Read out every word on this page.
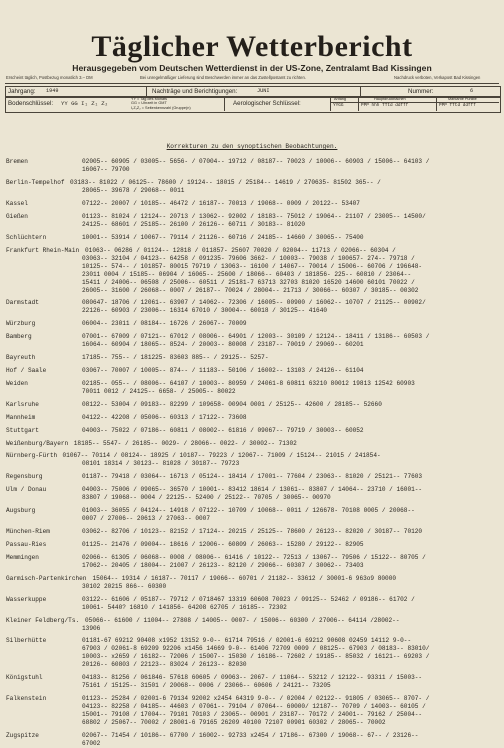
Täglicher Wetterbericht
Herausgegeben vom Deutschen Wetterdienst in der US-Zone, Zentralamt Bad Kissingen
Erscheint täglich, Postbezug monatlich 3.– DM	Bei unregelmäßiger Lieferung sind Beschwerden immer an das Zustellpostamt zu richten.	Nachdruck verboten, Verkapost Bad Kissingen
Jahrgang: 1949	Nachträge und Berichtigungen:	JUNI	Nummer:	6
Bodenschlüssel: YY GG I₁ Z₁ Z₂
YY = Tag des Monats
GG = Uhrzeit in GMT
I₁Z₁Z₂ = Seitenkennzahl (Gruppe(n)
Aerologischer Schlüssel:
Anfang	Hauptdruckflächen	Markante Punkte
YYGG	PPP hhh TTtd ddfff	PPP TTtd ddfff
Korrekturen zu den synoptischen Beobachtungen.
Bremen	02005-- 60905 / 03005-- 5656- / 07004-- 19712 / 08187-- 70023 / 10006-- 60903 / 15006-- 64103 /
16067-- 79700
Berlin-Tempelhof 03183-- 81022 / 06125-- 78600 / 19124-- 18015 / 25184-- 14619 / 270635- 81502 365-- /
28065-- 39678 / 29068-- 0011
Kassel	07122-- 20007 / 10185-- 46472 / 16187-- 70013 / 19068-- 0009 / 20122-- 53407
Gießen	01123-- 81024 / 12124-- 20713 / 13062-- 92002 / 18183-- 75012 / 19064-- 21107 / 23005-- 14500/
24125-- 68601 / 25185-- 26100 / 26126-- 60711 / 30183-- 81020
Schlüchtern	10001-- 53914 / 10067-- 79114 / 21126-- 60716 / 24185-- 14660 / 30065-- 75400
Frankfurt Rhein-Main 01063-- 06286 / 01124-- 12818 / 011857- 25607 70020 / 02004-- 11713 / 02066-- 60304 /
03063-- 32104 / 04123-- 64258 / 091235- 79606 3662- / 10003-- 79038 / 100657- 274-- 79718 /
10125-- 574-- / 101857- 80015 79719 / 13063-- 16100 / 14067-- 70014 / 15006-- 60706 / 196648-
23011 0004 / 15185-- 06904 / 16065-- 25600 / 18066-- 60403 / 181856- 225-- 60810 / 23064--
15411 / 24006-- 06508 / 25006-- 60511 / 25181-7 63713 32703 81020 16520 14600 60101 70022 /
26005-- 31600 / 26068-- 0007 / 26187-- 70024 / 28004-- 21713 / 30066-- 60307 / 30185-- 00302
Darmstadt	080647- 18706 / 12061-- 63907 / 14062-- 72306 / 16005-- 00900 / 16062-- 10707 / 21125-- 00902/
22126-- 60903 / 23006-- 16314 67010 / 30004-- 60018 / 30125-- 41640
Würzburg	06004-- 23011 / 08184-- 16726 / 26067-- 70009
Bamberg	07001-- 67009 / 07121-- 67012 / 08006-- 64901 / 12003-- 30109 / 12124-- 18411 / 13186-- 60503 /
16064-- 60904 / 18065-- 8524- / 20003-- 80008 / 23187-- 70019 / 29069-- 60201
Bayreuth	17185-- 755-- / 181225- 83603 885-- / 29125-- 5257-
Hof / Saale	03067-- 70007 / 10005-- 874-- / 11183-- 50106 / 16002-- 13103 / 24126-- 61104
Weiden	02185-- 055-- / 08006-- 64107 / 10003-- 80959 / 24061-8 60811 63210 80012 19813 12542 60903
70011 0012 / 24125-- 6658- / 25005-- 80022
Karlsruhe	08122-- 53004 / 09183-- 82299 / 109658- 00904 0001 / 25125-- 42600 / 28185-- 52660
Mannheim	04122-- 42208 / 05006-- 60313 / 17122-- 73608
Stuttgart	04003-- 75022 / 07186-- 60811 / 08002-- 61816 / 09067-- 79719 / 30003-- 60052
Weißenburg/Bayern 18185-- 5547- / 26185-- 0029- / 28066-- 0022- / 30002-- 71302
Nürnberg-Fürth 01067-- 70114 / 08124-- 18925 / 10187-- 79223 / 12067-- 71009 / 15124-- 21015 / 241854-
08101 18314 / 30123-- 81028 / 30187-- 79723
Regensburg	01187-- 79418 / 03064-- 16713 / 05124-- 18414 / 17001-- 77604 / 23063-- 81020 / 25121-- 77603
Ulm / Donau	04003-- 75006 / 09065-- 36570 / 10001-- 83412 18614 / 13061-- 83807 / 14064-- 23710 / 16001--
83807 / 19068-- 0004 / 22125-- 52400 / 25122-- 70705 / 30065-- 00970
Augsburg	01003-- 36055 / 04124-- 14918 / 07122-- 10709 / 10068-- 0011 / 126678- 70108 0005 / 20068--
0007 / 27006-- 20613 / 27063-- 0007
München-Riem	03062-- 82706 / 10123-- 82152 / 17124-- 20215 / 25125-- 78600 / 26123-- 82020 / 30187-- 70120
Passau-Ries	01125-- 21476 / 09004-- 18616 / 12006-- 60809 / 26063-- 15280 / 29122-- 82905
Memmingen	02066-- 61305 / 06068-- 0008 / 08006-- 61416 / 10122-- 72513 / 13067-- 79506 / 15122-- 80705 /
17062-- 20405 / 18004-- 21007 / 26123-- 82120 / 29066-- 60307 / 30062-- 73403
Garmisch-Partenkirchen 15064-- 19314 / 16187-- 70117 / 19066-- 60701 / 21182-- 33612 / 30001-6 963o9 80000
30102 20215 866-- 60300
Wasserkuppe	03122-- 61606 / 05187-- 79712 / 0718467 13319 60608 70023 / 09125-- 52462 / 09186-- 61702 /
10061- 5440? 16810 / 141856- 64208 62705 / 16185-- 72302
Kleiner Feldberg/Ts. 05066-- 61600 / 11004-- 27808 / 14005-- 0007- / 15006-- 60300 / 27006-- 64114 /28002--
13906
Silberhütte	01181-67 69212 90408 x1952 13152 9-0-- 61714 79516 / 02001-6 69212 90608 02459 14112 9-0--
67903 / 02061-8 69209 92206 x1456 14669 9-0-- 61406 72709 0009 / 08125-- 67903 / 08183-- 83010/
10003-- x2659 / 16182-- 72006 / 15007-- 15030 / 16186-- 72602 / 19185-- 85032 / 16121-- 69203 /
20126-- 60803 / 22123-- 83024 / 26123-- 82030
Königstuhl	04183-- 81256 / 061846- 57618 60605 / 09063-- 2067- / 11064-- 53212 / 12122-- 93311 / 15003--
75161 / 15125-- 31501 / 20068-- 0006 / 23066-- 60606 / 24121-- 73205
Falkenstein	01123-- 25284 / 02001-6 79134 92002 x2454 64319 9-0-- / 02004 / 02122-- 91805 / 03065-- 8707- /
04123-- 82258 / 04185-- 44603 / 07061-- 79104 / 07064-- 60000/ 12187-- 70709 / 14003-- 60105 /
15001-- 79108 / 17004-- 79101 70103 / 23065-- 00901 / 23187-- 70172 / 24001-- 79162 / 25004--
68802 / 25067-- 70002 / 28001-6 79165 26209 40100 72107 00901 60302 / 28065-- 70002
Zugspitze	02067-- 71454 / 10186-- 67700 / 16002-- 92733 x2454 / 17186-- 67300 / 19068-- 67-- / 23126--
67002
